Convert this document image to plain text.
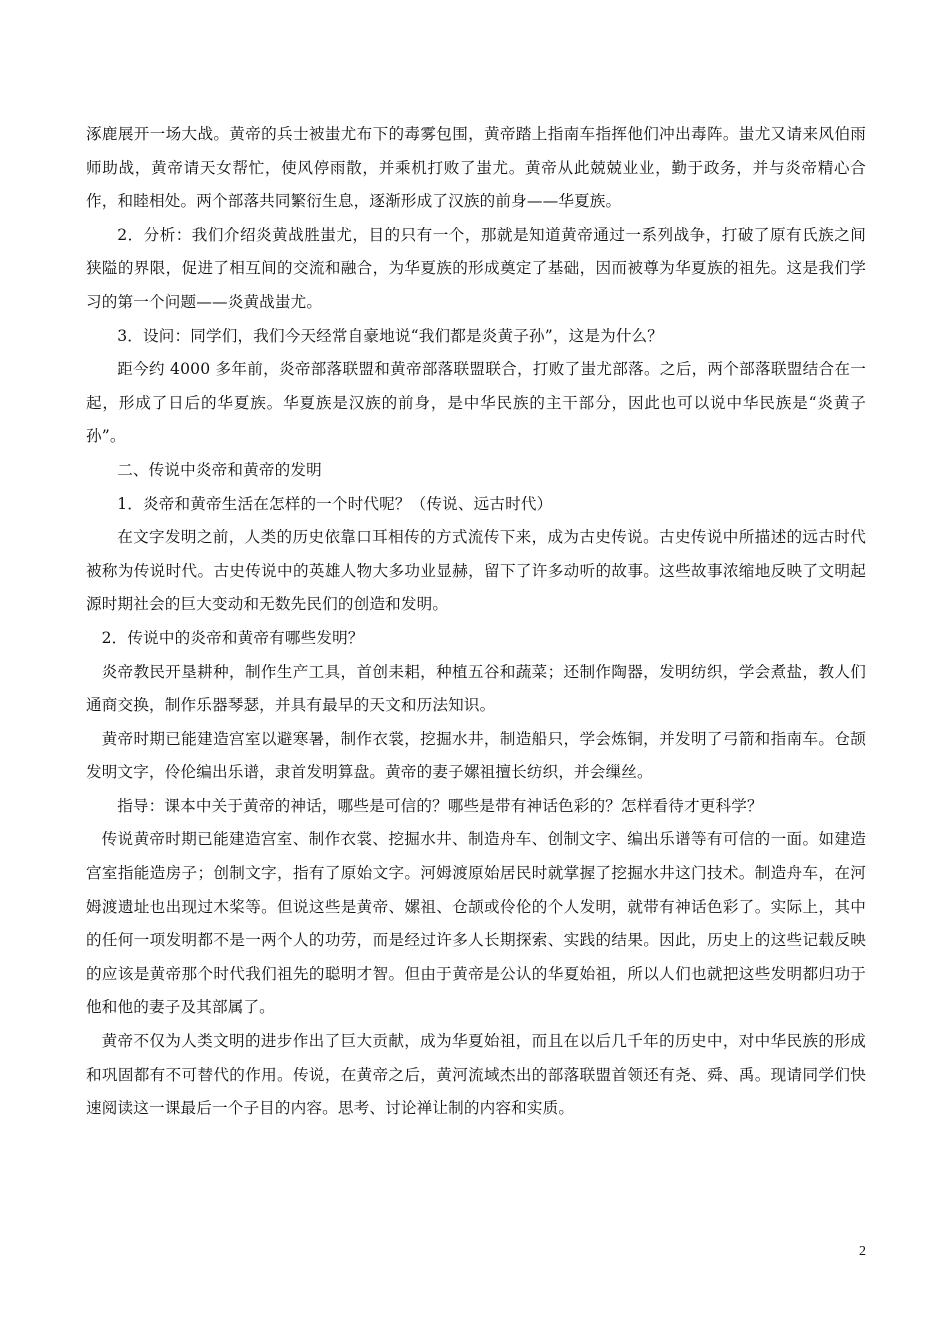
涿鹿展开一场大战。黄帝的兵士被蚩尤布下的毒雾包围，黄帝踏上指南车指挥他们冲出毒阵。蚩尤又请来风伯雨师助战，黄帝请天女帮忙，使风停雨散，并乘机打败了蚩尤。黄帝从此兢兢业业，勤于政务，并与炎帝精心合作，和睦相处。两个部落共同繁衍生息，逐渐形成了汉族的前身——华夏族。

2．分析：我们介绍炎黄战胜蚩尤，目的只有一个，那就是知道黄帝通过一系列战争，打破了原有氏族之间狭隘的界限，促进了相互间的交流和融合，为华夏族的形成奠定了基础，因而被尊为华夏族的祖先。这是我们学习的第一个问题——炎黄战蚩尤。

3．设问：同学们，我们今天经常自豪地说“我们都是炎黄子孙”，这是为什么？

距今约 4000 多年前，炎帝部落联盟和黄帝部落联盟联合，打败了蚩尤部落。之后，两个部落联盟结合在一起，形成了日后的华夏族。华夏族是汉族的前身，是中华民族的主干部分，因此也可以说中华民族是“炎黄子孙”。

二、传说中炎帝和黄帝的发明

1．炎帝和黄帝生活在怎样的一个时代呢？（传说、远古时代）

在文字发明之前，人类的历史依靠口耳相传的方式流传下来，成为古史传说。古史传说中所描述的远古时代被称为传说时代。古史传说中的英雄人物大多功业显赫，留下了许多动听的故事。这些故事浓缩地反映了文明起源时期社会的巨大变动和无数先民们的创造和发明。

2．传说中的炎帝和黄帝有哪些发明？

炎帝教民开垦耕种，制作生产工具，首创耒耜，种植五谷和蔬菜；还制作陶器，发明纺织，学会煮盐，教人们通商交换，制作乐器琴瑟，并具有最早的天文和历法知识。

黄帝时期已能建造宫室以避寒暑，制作衣裳，挖掘水井，制造船只，学会炼铜，并发明了弓箭和指南车。仓颉发明文字，伶伦编出乐谱，隶首发明算盘。黄帝的妻子嫘祖擅长纺织，并会缫丝。

指导：课本中关于黄帝的神话，哪些是可信的？哪些是带有神话色彩的？怎样看待才更科学？

传说黄帝时期已能建造宫室、制作衣裳、挖掘水井、制造舟车、创制文字、编出乐谱等有可信的一面。如建造宫室指能造房子；创制文字，指有了原始文字。河姆渡原始居民时就掌握了挖掘水井这门技术。制造舟车，在河姆渡遗址也出现过木桨等。但说这些是黄帝、嫘祖、仓颉或伶伦的个人发明，就带有神话色彩了。实际上，其中的任何一项发明都不是一两个人的功劳，而是经过许多人长期探索、实践的结果。因此，历史上的这些记载反映的应该是黄帝那个时代我们祖先的聪明才智。但由于黄帝是公认的华夏始祖，所以人们也就把这些发明都归功于他和他的妻子及其部属了。

黄帝不仅为人类文明的进步作出了巨大贡献，成为华夏始祖，而且在以后几千年的历史中，对中华民族的形成和巩固都有不可替代的作用。传说，在黄帝之后，黄河流域杰出的部落联盟首领还有尧、舜、禹。现请同学们快速阅读这一课最后一个子目的内容。思考、讨论禅让制的内容和实质。

2
